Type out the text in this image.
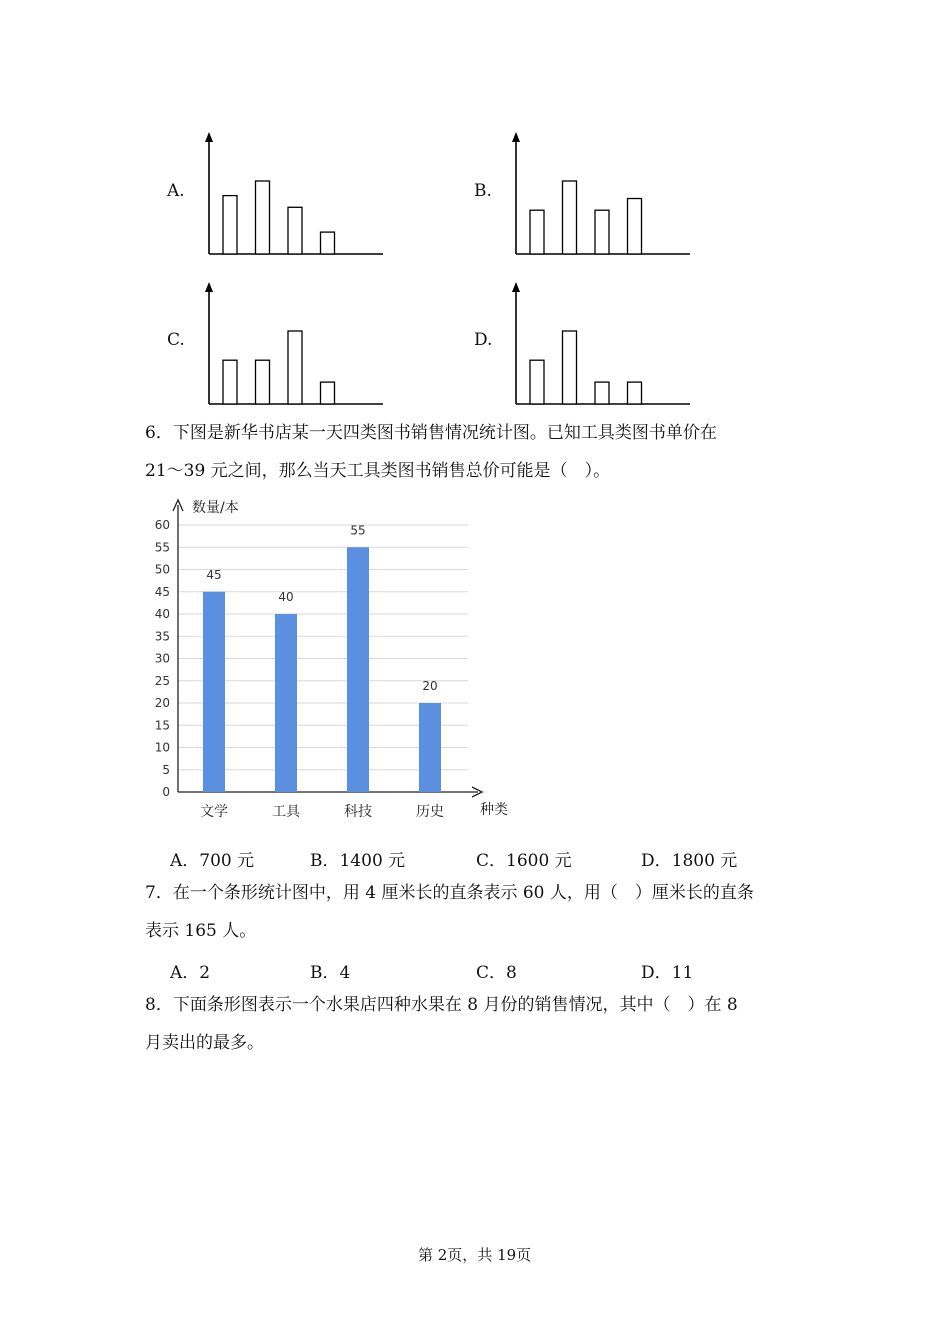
A.	B.
C.	D.
6．下图是新华书店某一天四类图书销售情况统计图。已知工具类图书单价在
21～39 元之间，那么当天工具类图书销售总价可能是（　）。
0
5
10
15
20
25
30
35
40
45
50
55
60
数量/本
种类
45
文学
40
工具
55
科技
20
历史
A．700 元	B．1400 元	C．1600 元	D．1800 元
7．在一个条形统计图中，用 4 厘米长的直条表示 60 人，用（　）厘米长的直条
表示 165 人。
A．2	B．4	C．8	D．11
8．下面条形图表示一个水果店四种水果在 8 月份的销售情况，其中（　）在 8
月卖出的最多。
第 2页，共 19页
